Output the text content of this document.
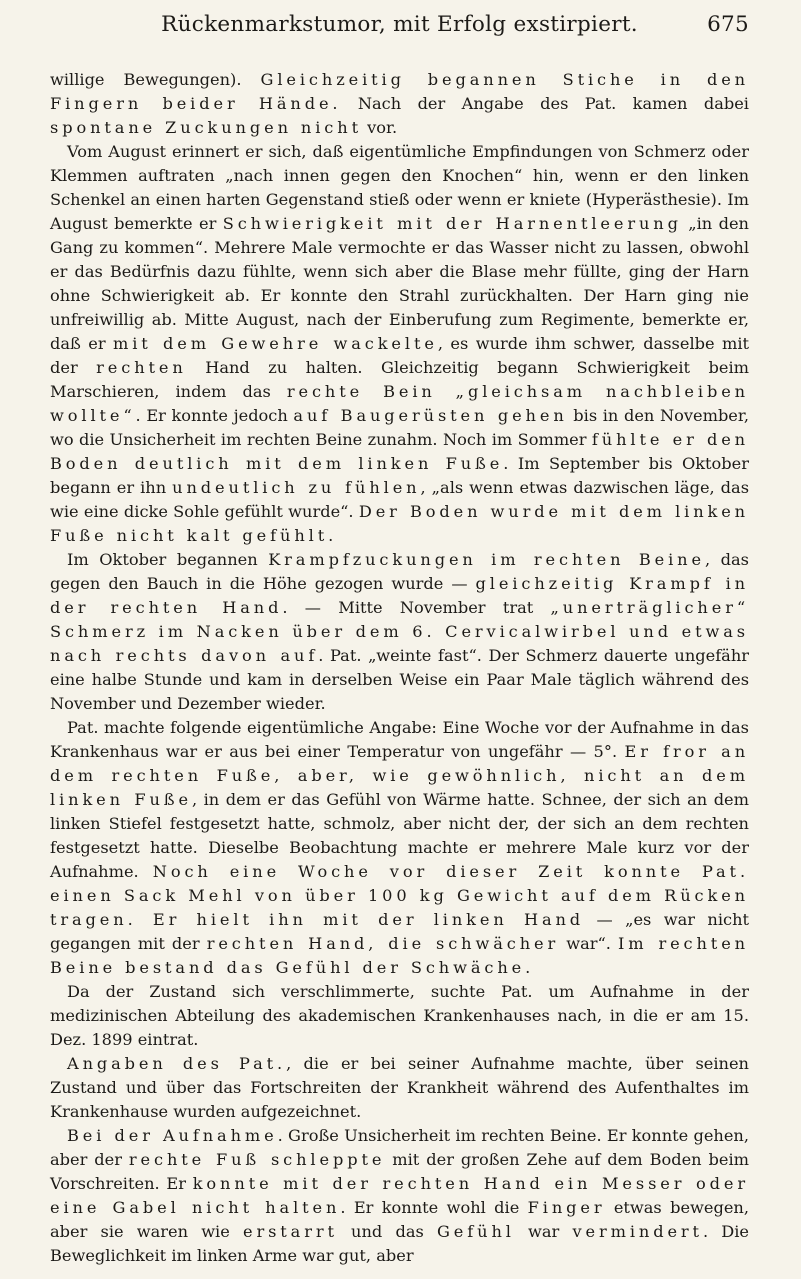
Rückenmarkstumor, mit Erfolg exstirpiert.	675

willige Bewegungen). Gleichzeitig begannen Stiche in den Fingern beider Hände. Nach der Angabe des Pat. kamen dabei spontane Zuckungen nicht vor.

Vom August erinnert er sich, daß eigentümliche Empfindungen von Schmerz oder Klemmen auftraten „nach innen gegen den Knochen“ hin, wenn er den linken Schenkel an einen harten Gegenstand stieß oder wenn er kniete (Hyperästhesie). Im August bemerkte er Schwierigkeit mit der Harnentleerung „in den Gang zu kommen“. Mehrere Male vermochte er das Wasser nicht zu lassen, obwohl er das Bedürfnis dazu fühlte, wenn sich aber die Blase mehr füllte, ging der Harn ohne Schwierigkeit ab. Er konnte den Strahl zurückhalten. Der Harn ging nie unfreiwillig ab. Mitte August, nach der Einberufung zum Regimente, bemerkte er, daß er mit dem Gewehre wackelte, es wurde ihm schwer, dasselbe mit der rechten Hand zu halten. Gleichzeitig begann Schwierigkeit beim Marschieren, indem das rechte Bein „gleichsam nachbleiben wollte“. Er konnte jedoch auf Baugerüsten gehen bis in den November, wo die Unsicherheit im rechten Beine zunahm. Noch im Sommer fühlte er den Boden deutlich mit dem linken Fuße. Im September bis Oktober begann er ihn undeutlich zu fühlen, „als wenn etwas dazwischen läge, das wie eine dicke Sohle gefühlt wurde“. Der Boden wurde mit dem linken Fuße nicht kalt gefühlt.

Im Oktober begannen Krampfzuckungen im rechten Beine, das gegen den Bauch in die Höhe gezogen wurde — gleichzeitig Krampf in der rechten Hand. — Mitte November trat „unerträglicher“ Schmerz im Nacken über dem 6. Cervicalwirbel und etwas nach rechts davon auf. Pat. „weinte fast“. Der Schmerz dauerte ungefähr eine halbe Stunde und kam in derselben Weise ein Paar Male täglich während des November und Dezember wieder.

Pat. machte folgende eigentümliche Angabe: Eine Woche vor der Aufnahme in das Krankenhaus war er aus bei einer Temperatur von ungefähr — 5°. Er fror an dem rechten Fuße, aber, wie gewöhnlich, nicht an dem linken Fuße, in dem er das Gefühl von Wärme hatte. Schnee, der sich an dem linken Stiefel festgesetzt hatte, schmolz, aber nicht der, der sich an dem rechten festgesetzt hatte. Dieselbe Beobachtung machte er mehrere Male kurz vor der Aufnahme. Noch eine Woche vor dieser Zeit konnte Pat. einen Sack Mehl von über 100 kg Gewicht auf dem Rücken tragen. Er hielt ihn mit der linken Hand — „es war nicht gegangen mit der rechten Hand, die schwächer war“. Im rechten Beine bestand das Gefühl der Schwäche.

Da der Zustand sich verschlimmerte, suchte Pat. um Aufnahme in der medizinischen Abteilung des akademischen Krankenhauses nach, in die er am 15. Dez. 1899 eintrat.

Angaben des Pat., die er bei seiner Aufnahme machte, über seinen Zustand und über das Fortschreiten der Krankheit während des Aufenthaltes im Krankenhause wurden aufgezeichnet.

Bei der Aufnahme. Große Unsicherheit im rechten Beine. Er konnte gehen, aber der rechte Fuß schleppte mit der großen Zehe auf dem Boden beim Vorschreiten. Er konnte mit der rechten Hand ein Messer oder eine Gabel nicht halten. Er konnte wohl die Finger etwas bewegen, aber sie waren wie erstarrt und das Gefühl war vermindert. Die Beweglichkeit im linken Arme war gut, aber
